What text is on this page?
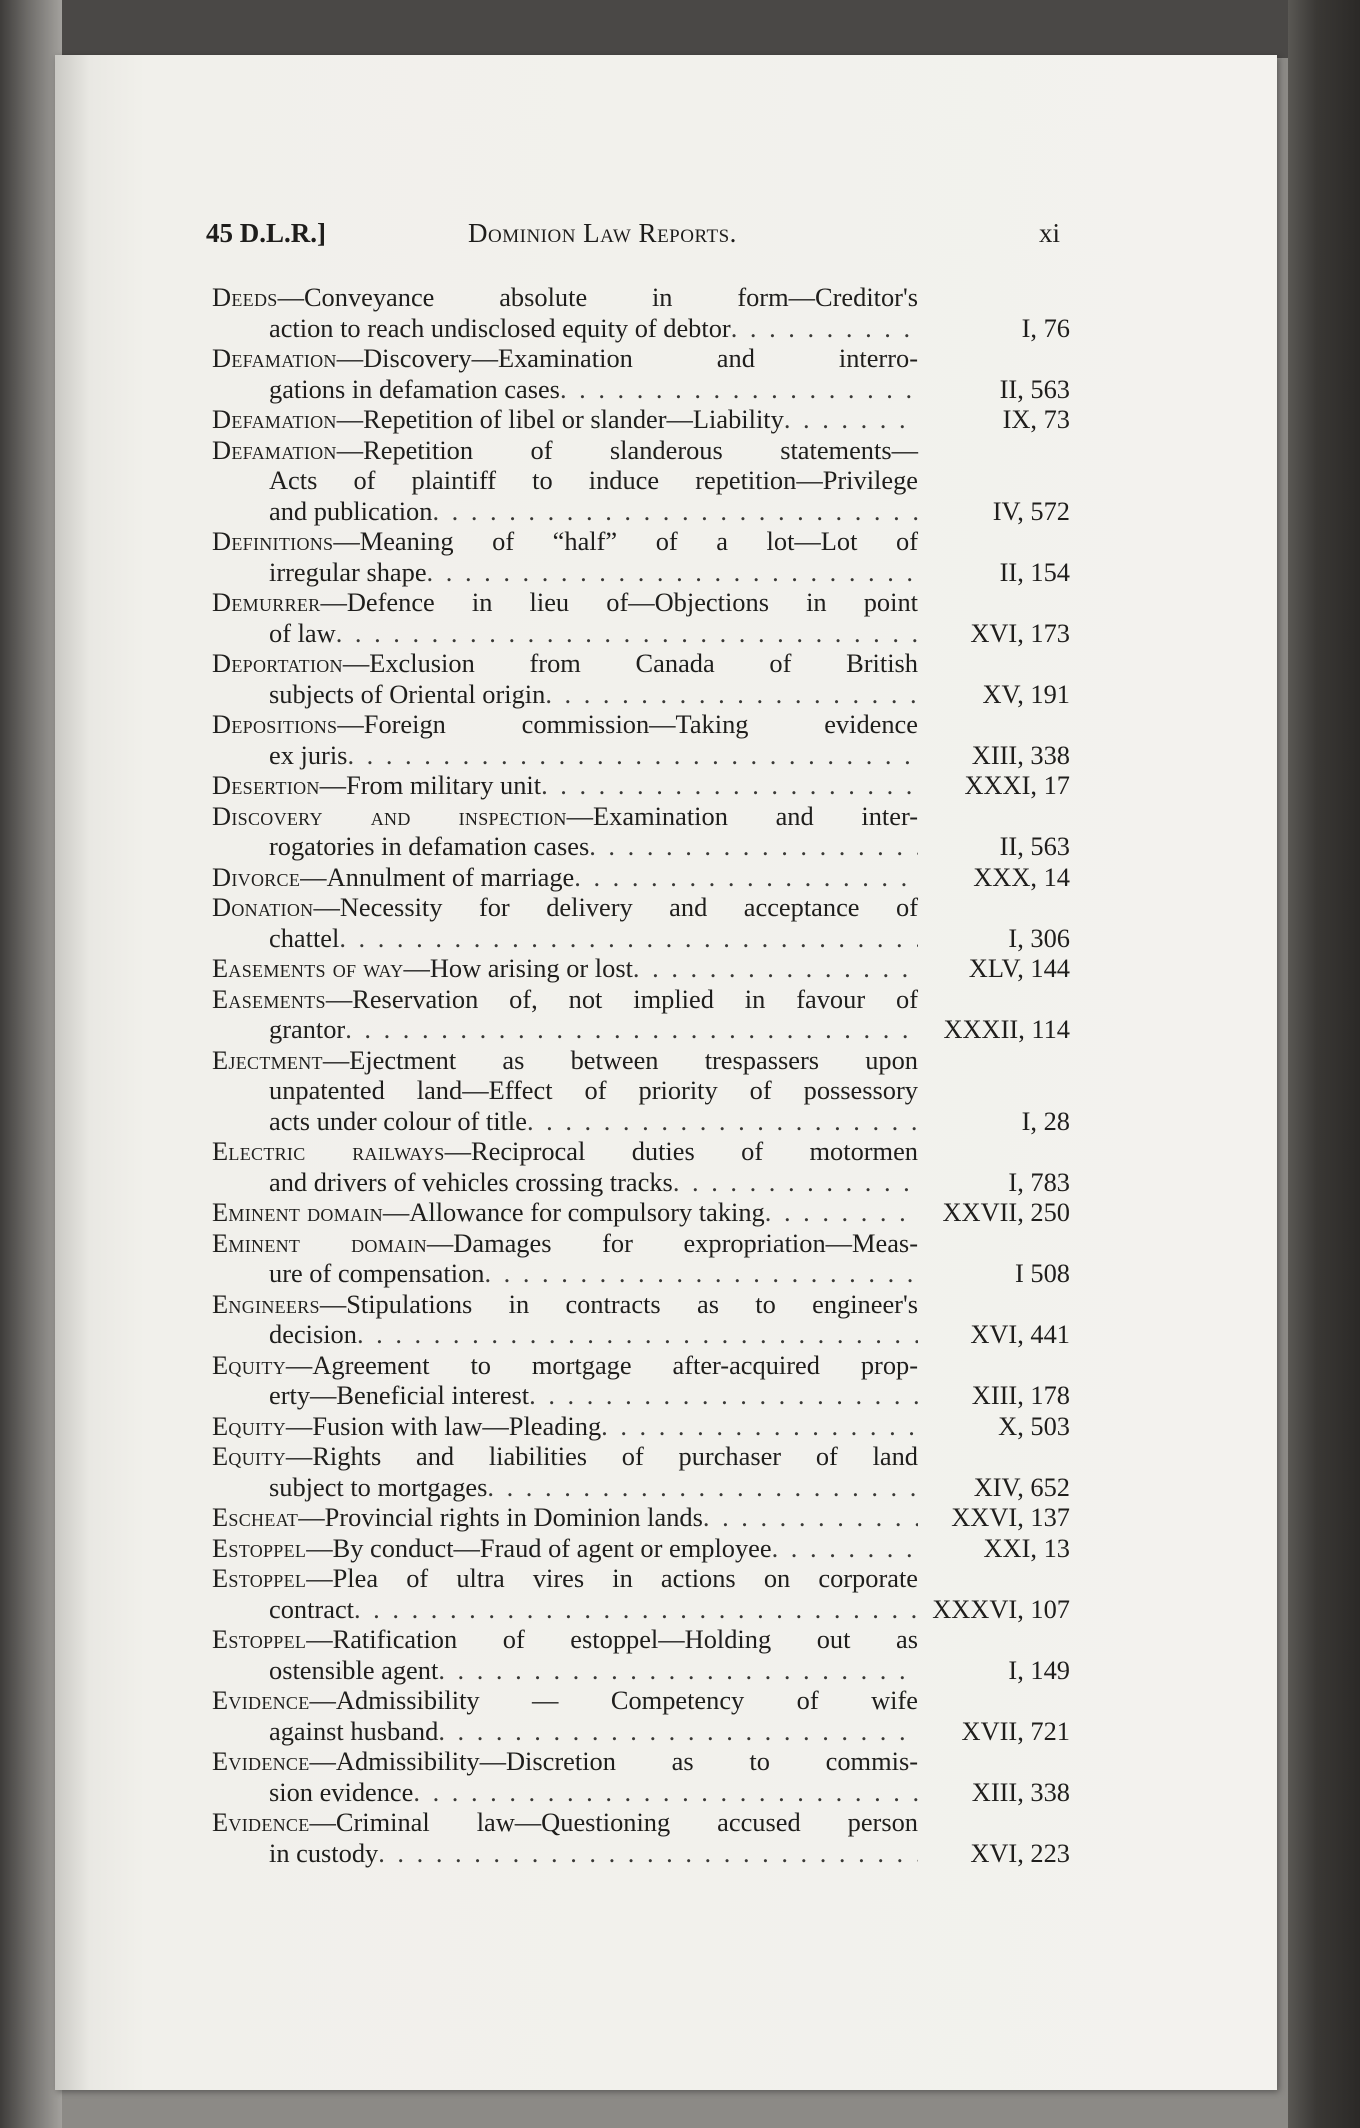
45 D.L.R.]	Dominion Law Reports.	xi
Deeds—Conveyance absolute in form—Creditor's
action to reach undisclosed equity of debtor . . .	I, 76
Defamation—Discovery—Examination and interro-
gations in defamation cases . . .	II, 563
Defamation—Repetition of libel or slander—Liability . . .	IX, 73
Defamation—Repetition of slanderous statements—
Acts of plaintiff to induce repetition—Privilege
and publication . . .	IV, 572
Definitions—Meaning of “half” of a lot—Lot of
irregular shape . . .	II, 154
Demurrer—Defence in lieu of—Objections in point
of law . . .	XVI, 173
Deportation—Exclusion from Canada of British
subjects of Oriental origin . . .	XV, 191
Depositions—Foreign commission—Taking evidence
ex juris . . .	XIII, 338
Desertion—From military unit . . .	XXXI, 17
Discovery and inspection—Examination and inter-
rogatories in defamation cases . . .	II, 563
Divorce—Annulment of marriage . . .	XXX, 14
Donation—Necessity for delivery and acceptance of
chattel . . .	I, 306
Easements of way—How arising or lost . . .	XLV, 144
Easements—Reservation of, not implied in favour of
grantor . . .	XXXII, 114
Ejectment—Ejectment as between trespassers upon
unpatented land—Effect of priority of possessory
acts under colour of title . . .	I, 28
Electric railways—Reciprocal duties of motormen
and drivers of vehicles crossing tracks . . .	I, 783
Eminent domain—Allowance for compulsory taking . . .	XXVII, 250
Eminent domain—Damages for expropriation—Meas-
ure of compensation . . .	I 508
Engineers—Stipulations in contracts as to engineer's
decision . . .	XVI, 441
Equity—Agreement to mortgage after-acquired prop-
erty—Beneficial interest . . .	XIII, 178
Equity—Fusion with law—Pleading . . .	X, 503
Equity—Rights and liabilities of purchaser of land
subject to mortgages . . .	XIV, 652
Escheat—Provincial rights in Dominion lands . . .	XXVI, 137
Estoppel—By conduct—Fraud of agent or employee . . .	XXI, 13
Estoppel—Plea of ultra vires in actions on corporate
contract . . .	XXXVI, 107
Estoppel—Ratification of estoppel—Holding out as
ostensible agent . . .	I, 149
Evidence—Admissibility — Competency of wife
against husband . . .	XVII, 721
Evidence—Admissibility—Discretion as to commis-
sion evidence . . .	XIII, 338
Evidence—Criminal law—Questioning accused person
in custody . . .	XVI, 223
